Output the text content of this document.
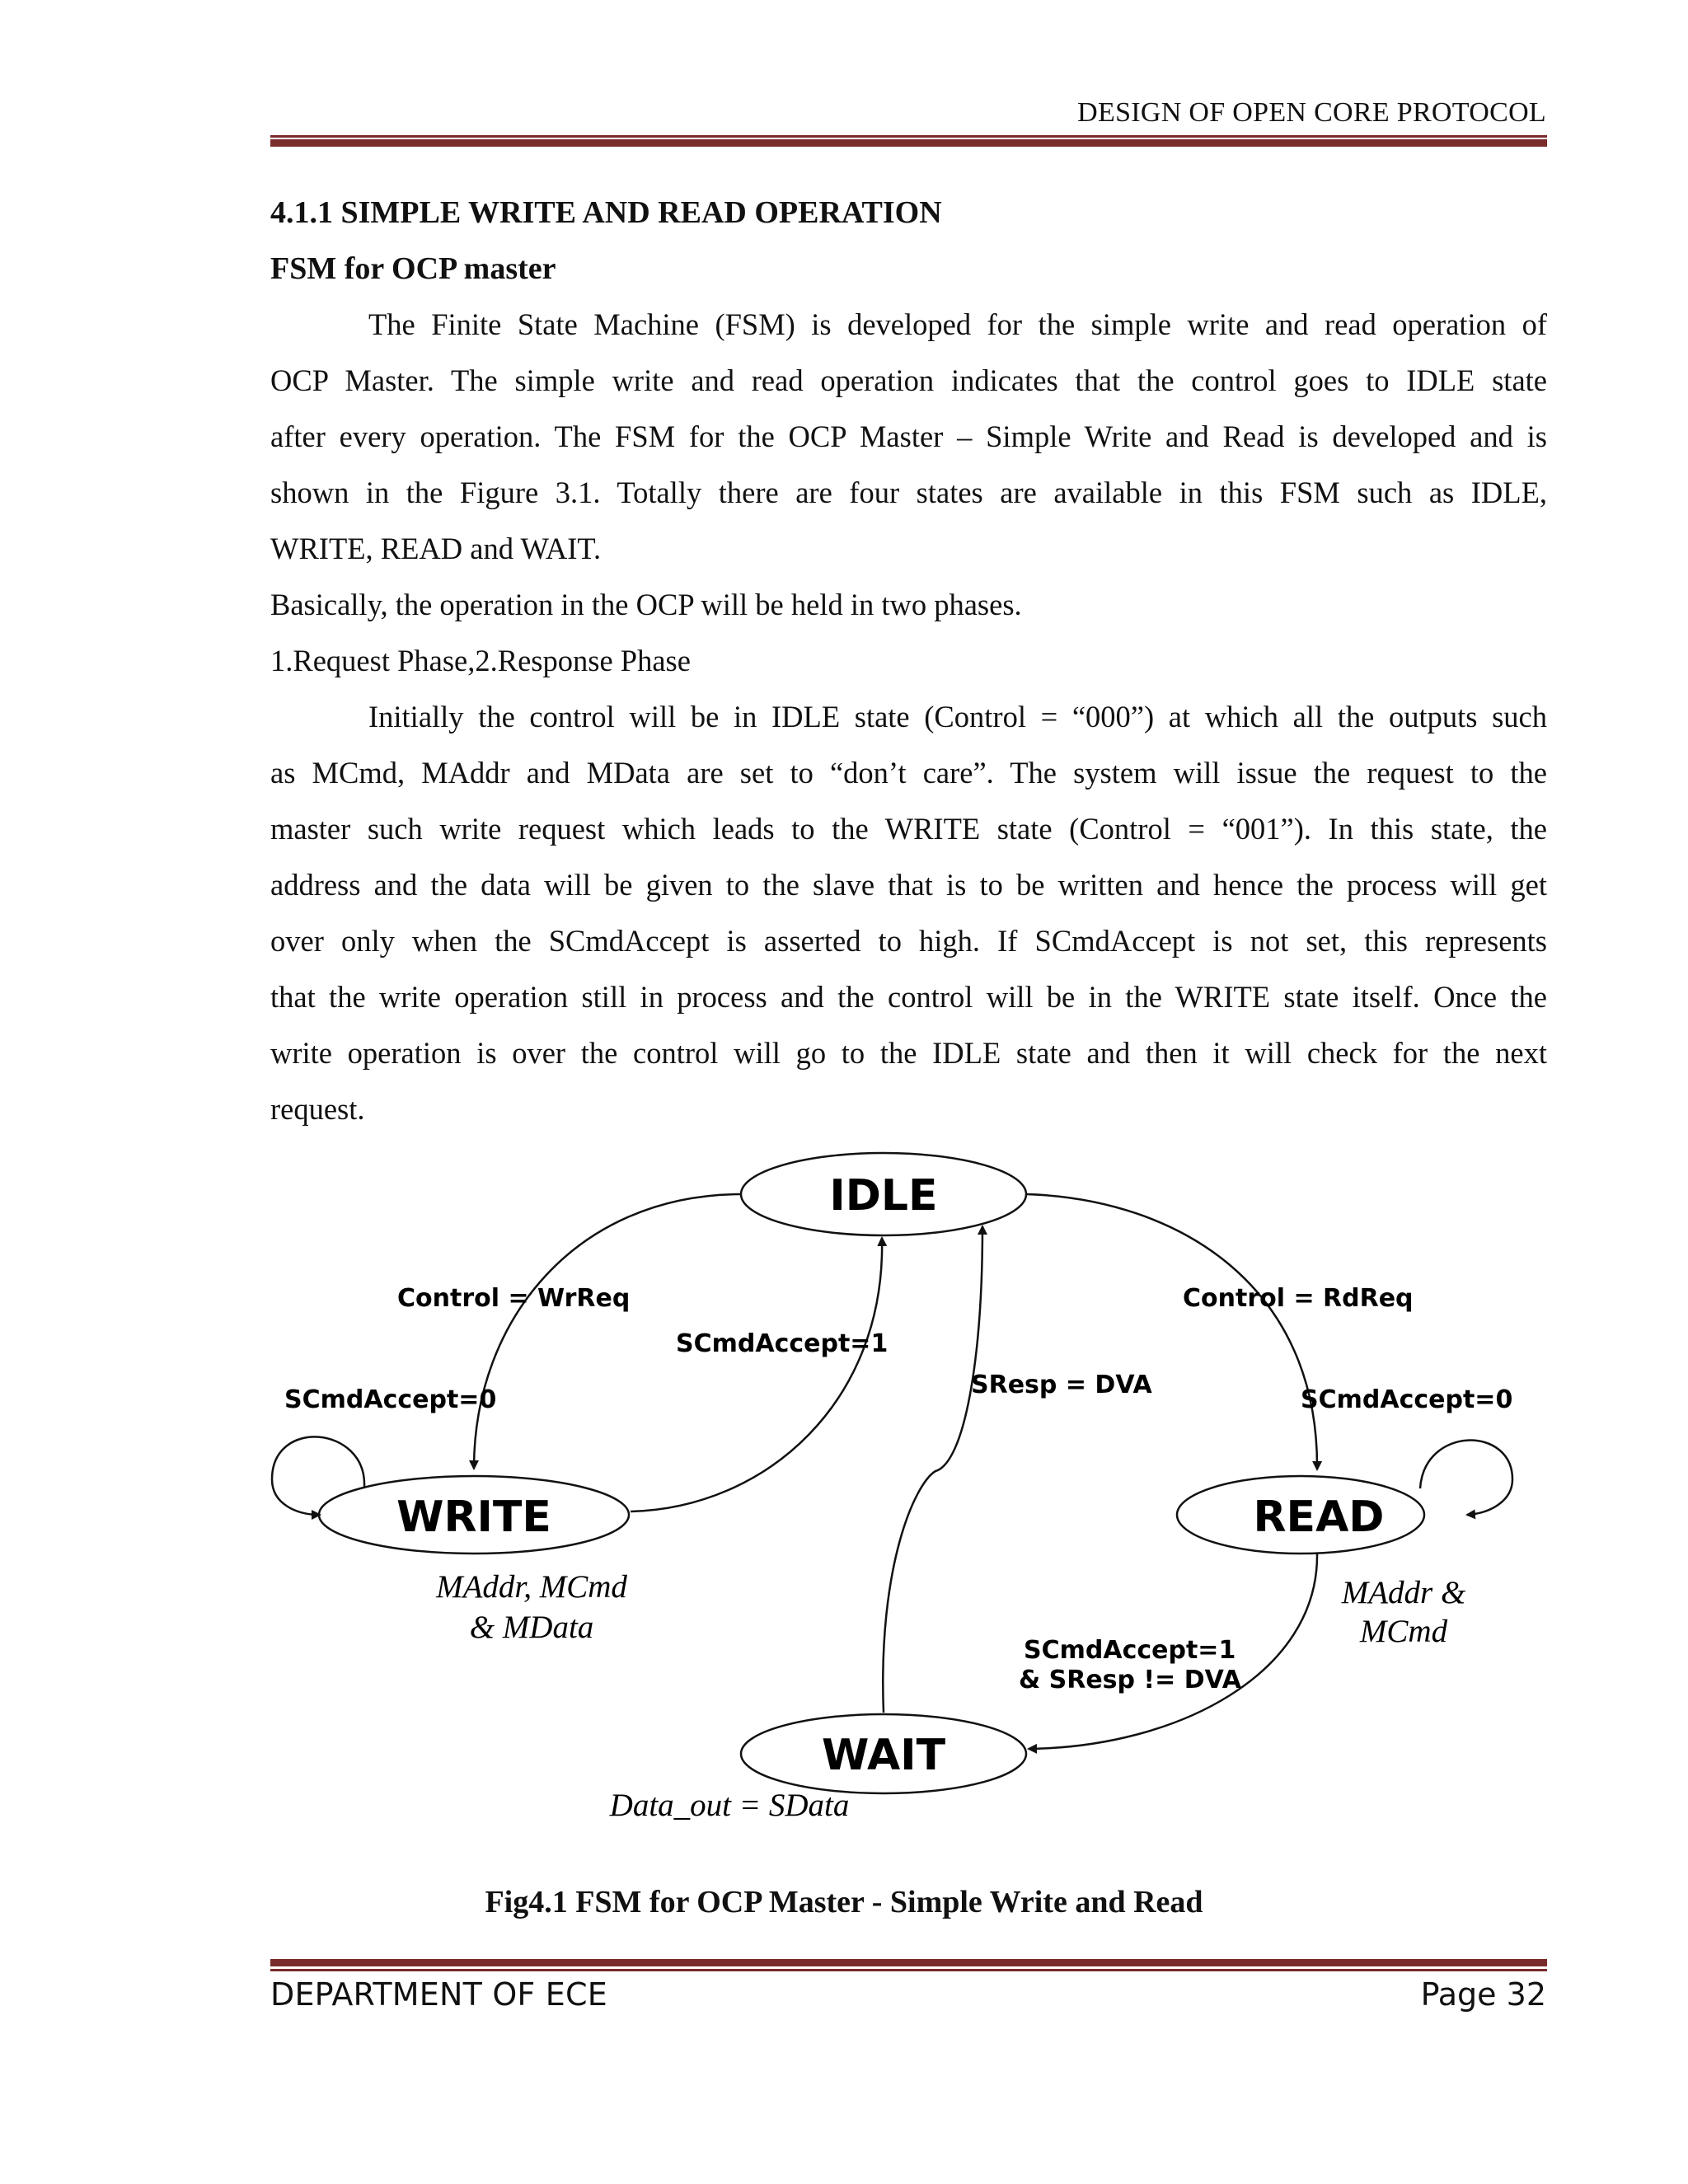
DESIGN OF OPEN CORE PROTOCOL
4.1.1 SIMPLE WRITE AND READ OPERATION
FSM for OCP master
The Finite State Machine (FSM) is developed for the simple write and read operation of
OCP Master. The simple write and read operation indicates that the control goes to IDLE state
after every operation. The FSM for the OCP Master – Simple Write and Read is developed and is
shown in the Figure 3.1. Totally there are four states are available in this FSM such as IDLE,
WRITE, READ and WAIT.
Basically, the operation in the OCP will be held in two phases.
1.Request Phase,2.Response Phase
Initially the control will be in IDLE state (Control = “000”) at which all the outputs such
as MCmd, MAddr and MData are set to “don’t care”. The system will issue the request to the
master such write request which leads to the WRITE state (Control = “001”). In this state, the
address and the data will be given to the slave that is to be written and hence the process will get
over only when the SCmdAccept is asserted to high. If SCmdAccept is not set, this represents
that the write operation still in process and the control will be in the WRITE state itself. Once the
write operation is over the control will go to the IDLE state and then it will check for the next
request.
IDLE
WRITE	READ
WAIT
Control = WrReq
SCmdAccept=1
SResp = DVA
Control = RdReq
SCmdAccept=0	SCmdAccept=0
SCmdAccept=1
& SResp != DVA
MAddr, MCmd
& MData
MAddr &
MCmd
Data_out = SData
Fig4.1 FSM for OCP Master - Simple Write and Read
DEPARTMENT OF ECE	Page 32
